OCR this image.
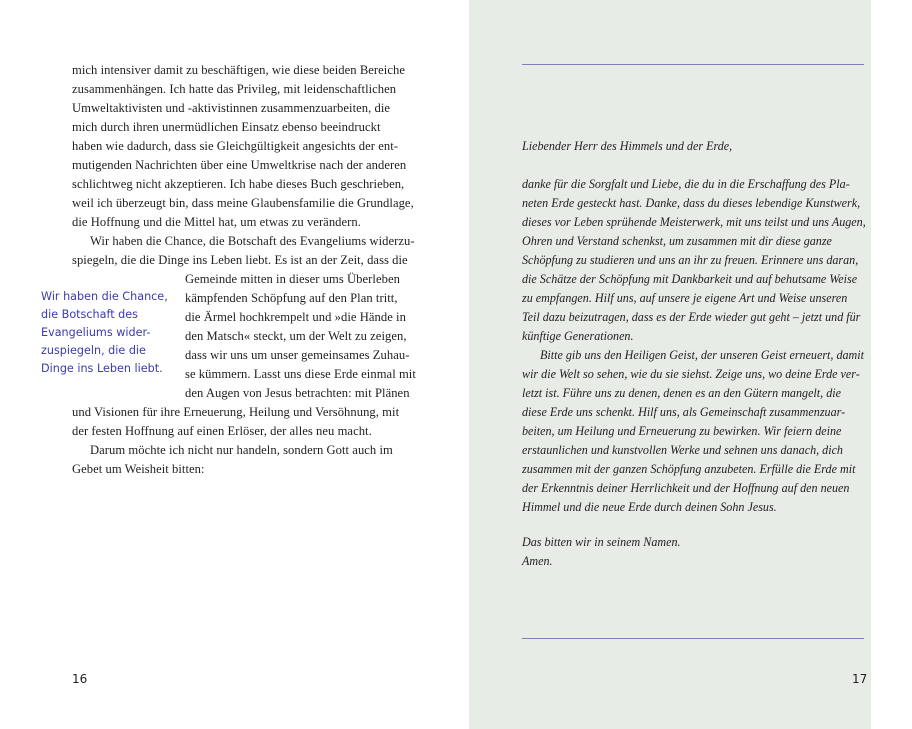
mich intensiver damit zu beschäftigen, wie diese beiden Bereiche

zusammenhängen. Ich hatte das Privileg, mit leidenschaftlichen

Umweltaktivisten und -aktivistinnen zusammenzuarbeiten, die

mich durch ihren unermüdlichen Einsatz ebenso beeindruckt

haben wie dadurch, dass sie Gleichgültigkeit angesichts der ent-

mutigenden Nachrichten über eine Umweltkrise nach der anderen

schlichtweg nicht akzeptieren. Ich habe dieses Buch geschrieben,

weil ich überzeugt bin, dass meine Glaubensfamilie die Grundlage,

die Hoffnung und die Mittel hat, um etwas zu verändern.

Wir haben die Chance, die Botschaft des Evangeliums widerzu-

spiegeln, die die Dinge ins Leben liebt. Es ist an der Zeit, dass die

Gemeinde mitten in dieser ums Überleben

kämpfenden Schöpfung auf den Plan tritt,

die Ärmel hochkrempelt und »die Hände in

den Matsch« steckt, um der Welt zu zeigen,

dass wir uns um unser gemeinsames Zuhau-

se kümmern. Lasst uns diese Erde einmal mit

den Augen von Jesus betrachten: mit Plänen

und Visionen für ihre Erneuerung, Heilung und Versöhnung, mit

der festen Hoffnung auf einen Erlöser, der alles neu macht.

Darum möchte ich nicht nur handeln, sondern Gott auch im

Gebet um Weisheit bitten:

Wir haben die Chance,
die Botschaft des
Evangeliums wider-
zuspiegeln, die die
Dinge ins Leben liebt.
16

Liebender Herr des Himmels und der Erde,

danke für die Sorgfalt und Liebe, die du in die Erschaffung des Pla-

neten Erde gesteckt hast. Danke, dass du dieses lebendige Kunstwerk,

dieses vor Leben sprühende Meisterwerk, mit uns teilst und uns Augen,

Ohren und Verstand schenkst, um zusammen mit dir diese ganze

Schöpfung zu studieren und uns an ihr zu freuen. Erinnere uns daran,

die Schätze der Schöpfung mit Dankbarkeit und auf behutsame Weise

zu empfangen. Hilf uns, auf unsere je eigene Art und Weise unseren

Teil dazu beizutragen, dass es der Erde wieder gut geht – jetzt und für

künftige Generationen.

Bitte gib uns den Heiligen Geist, der unseren Geist erneuert, damit

wir die Welt so sehen, wie du sie siehst. Zeige uns, wo deine Erde ver-

letzt ist. Führe uns zu denen, denen es an den Gütern mangelt, die

diese Erde uns schenkt. Hilf uns, als Gemeinschaft zusammenzuar-

beiten, um Heilung und Erneuerung zu bewirken. Wir feiern deine

erstaunlichen und kunstvollen Werke und sehnen uns danach, dich

zusammen mit der ganzen Schöpfung anzubeten. Erfülle die Erde mit

der Erkenntnis deiner Herrlichkeit und der Hoffnung auf den neuen

Himmel und die neue Erde durch deinen Sohn Jesus.

Das bitten wir in seinem Namen.

Amen.

17
